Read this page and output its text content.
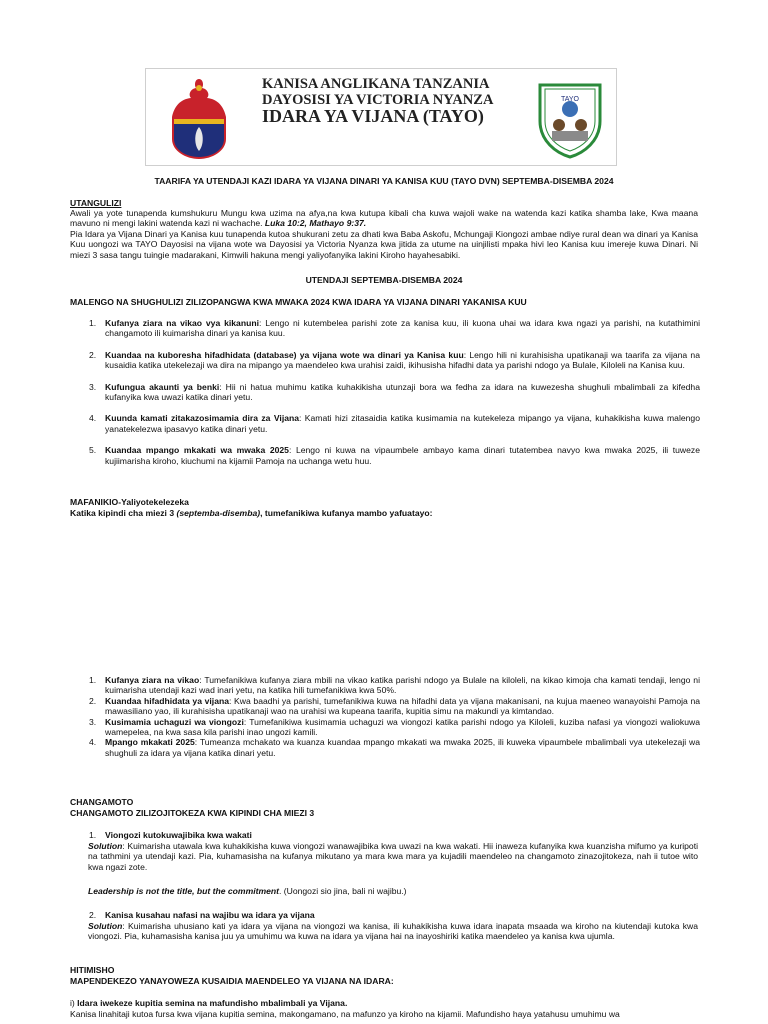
KANISA ANGLIKANA TANZANIA
DAYOSISI YA VICTORIA NYANZA
IDARA YA VIJANA (TAYO)
TAYO
TAARIFA YA UTENDAJI KAZI IDARA YA VIJANA DINARI YA KANISA KUU (TAYO DVN) SEPTEMBA-DISEMBA 2024
UTANGULIZI
Awali ya yote tunapenda kumshukuru Mungu kwa uzima na afya,na kwa kutupa kibali cha kuwa wajoli wake na watenda kazi katika shamba lake, Kwa maana mavuno ni mengi lakini watenda kazi ni wachache. Luka 10:2, Mathayo 9:37.
Pia Idara ya Vijana Dinari ya Kanisa kuu tunapenda kutoa shukurani zetu za dhati kwa Baba Askofu, Mchungaji Kiongozi ambae ndiye rural dean wa dinari ya Kanisa Kuu uongozi wa TAYO Dayosisi na vijana wote wa Dayosisi ya Victoria Nyanza kwa jitida za utume na uinjilisti mpaka hivi leo Kanisa kuu imereje kuwa Dinari. Ni miezi 3 sasa tangu tuingie madarakani, Kimwili hakuna mengi yaliyofanyika lakini Kiroho hayahesabiki.
UTENDAJI SEPTEMBA-DISEMBA 2024
MALENGO NA SHUGHULIZI ZILIZOPANGWA KWA MWAKA 2024 KWA IDARA YA VIJANA DINARI YAKANISA KUU
1. Kufanya ziara na vikao vya kikanuni: Lengo ni kutembelea parishi zote za kanisa kuu, ili kuona uhai wa idara kwa ngazi ya parishi, na kutathimini changamoto ili kuimarisha dinari ya kanisa kuu.
2. Kuandaa na kuboresha hifadhidata (database) ya vijana wote wa dinari ya Kanisa kuu: Lengo hili ni kurahisisha upatikanaji wa taarifa za vijana na kusaidia katika utekelezaji wa dira na mipango ya maendeleo kwa urahisi zaidi, ikihusisha hifadhi data ya parishi ndogo ya Bulale, Kiloleli na Kanisa kuu.
3. Kufungua akaunti ya benki: Hii ni hatua muhimu katika kuhakikisha utunzaji bora wa fedha za idara na kuwezesha shughuli mbalimbali za kifedha kufanyika kwa uwazi katika dinari yetu.
4. Kuunda kamati zitakazosimamia dira za Vijana: Kamati hizi zitasaidia katika kusimamia na kutekeleza mipango ya vijana, kuhakikisha kuwa malengo yanatekelezwa ipasavyo katika dinari yetu.
5. Kuandaa mpango mkakati wa mwaka 2025: Lengo ni kuwa na vipaumbele ambayo kama dinari tutatembea navyo kwa mwaka 2025, ili tuweze kujiimarisha kiroho, kiuchumi na kijamii Pamoja na uchanga wetu huu.
MAFANIKIO-Yaliyotekelezeka
Katika kipindi cha miezi 3 (septemba-disemba), tumefanikiwa kufanya mambo yafuatayo:
1. Kufanya ziara na vikao: Tumefanikiwa kufanya ziara mbili na vikao katika parishi ndogo ya Bulale na kiloleli, na kikao kimoja cha kamati tendaji, lengo ni kuimarisha utendaji kazi wad inari yetu, na katika hili tumefanikiwa kwa 50%.
2. Kuandaa hifadhidata ya vijana: Kwa baadhi ya parishi, tumefanikiwa kuwa na hifadhi data ya vijana makanisani, na kujua maeneo wanayoishi Pamoja na mawasiliano yao, ili kurahisisha upatikanaji wao na urahisi wa kupeana taarifa, kupitia simu na makundi ya kimtandao.
3. Kusimamia uchaguzi wa viongozi: Tumefanikiwa kusimamia uchaguzi wa viongozi katika parishi ndogo ya Kiloleli, kuziba nafasi ya viongozi waliokuwa wamepelea, na kwa sasa kila parishi inao ungozi kamili.
4. Mpango mkakati 2025: Tumeanza mchakato wa kuanza kuandaa mpango mkakati wa mwaka 2025, ili kuweka vipaumbele mbalimbali vya utekelezaji wa shughuli za idara ya vijana katika dinari yetu.
CHANGAMOTO
CHANGAMOTO ZILIZOJITOKEZA KWA KIPINDI CHA MIEZI 3
1. Viongozi kutokuwajibika kwa wakati
Solution: Kuimarisha utawala kwa kuhakikisha kuwa viongozi wanawajibika kwa uwazi na kwa wakati. Hii inaweza kufanyika kwa kuanzisha mifumo ya kuripoti na tathmini ya utendaji kazi. Pia, kuhamasisha na kufanya mikutano ya mara kwa mara ya kujadili maendeleo na changamoto zinazojitokeza, nah ii tutoe wito kwa ngazi zote.
Leadership is not the title, but the commitment. (Uongozi sio jina, bali ni wajibu.)
2. Kanisa kusahau nafasi na wajibu wa idara ya vijana
Solution: Kuimarisha uhusiano kati ya idara ya vijana na viongozi wa kanisa, ili kuhakikisha kuwa idara inapata msaada wa kiroho na kiutendaji kutoka kwa viongozi. Pia, kuhamasisha kanisa juu ya umuhimu wa kuwa na idara ya vijana hai na inayoshiriki katika maendeleo ya kanisa kwa ujumla.
HITIMISHO
MAPENDEKEZO YANAYOWEZA KUSAIDIA MAENDELEO YA VIJANA NA IDARA:
i) Idara iwekeze kupitia semina na mafundisho mbalimbali ya Vijana.
Kanisa linahitaji kutoa fursa kwa vijana kupitia semina, makongamano, na mafunzo ya kiroho na kijamii. Mafundisho haya yatahusu umuhimu wa
